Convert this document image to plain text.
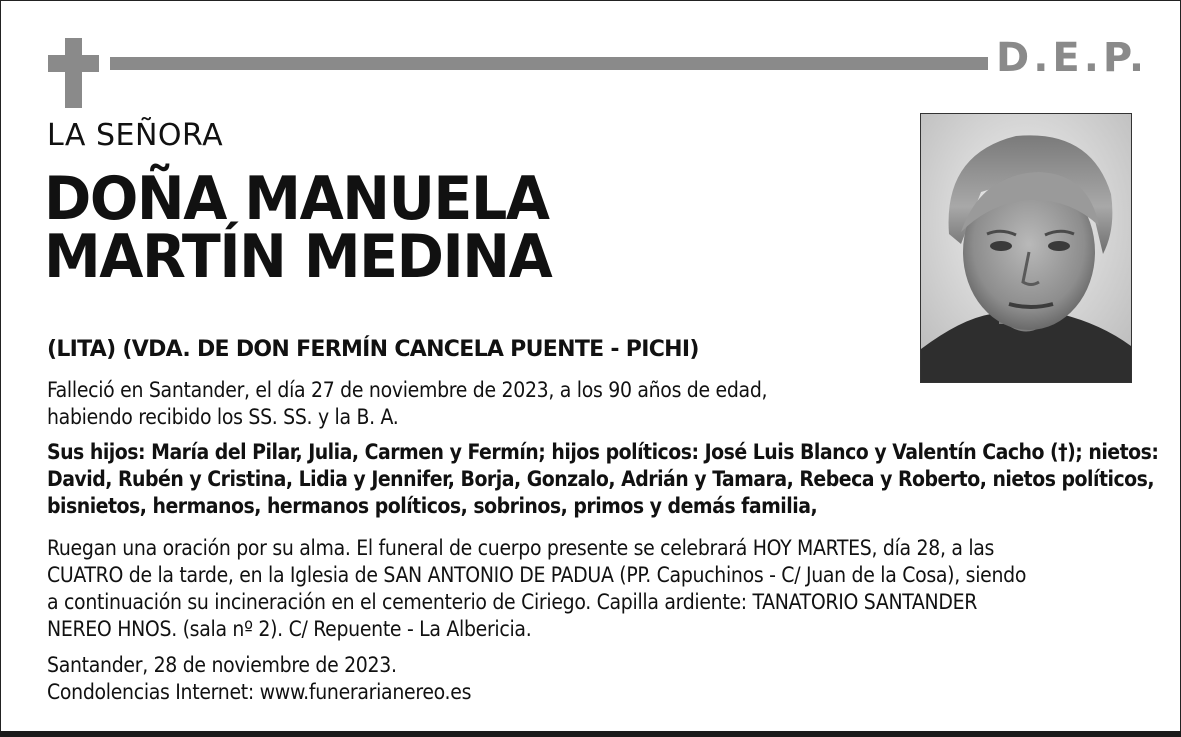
D.E.P.
LA SEÑORA
DOÑA MANUELA
MARTÍN MEDINA
(LITA) (VDA. DE DON FERMÍN CANCELA PUENTE - PICHI)
Falleció en Santander, el día 27 de noviembre de 2023, a los 90 años de edad,
habiendo recibido los SS. SS. y la B. A.
Sus hijos: María del Pilar, Julia, Carmen y Fermín; hijos políticos: José Luis Blanco y Valentín Cacho (†); nietos:
David, Rubén y Cristina, Lidia y Jennifer, Borja, Gonzalo, Adrián y Tamara, Rebeca y Roberto, nietos políticos,
bisnietos, hermanos, hermanos políticos, sobrinos, primos y demás familia,
Ruegan una oración por su alma. El funeral de cuerpo presente se celebrará HOY MARTES, día 28, a las
CUATRO de la tarde, en la Iglesia de SAN ANTONIO DE PADUA (PP. Capuchinos - C/ Juan de la Cosa), siendo
a continuación su incineración en el cementerio de Ciriego. Capilla ardiente: TANATORIO SANTANDER
NEREO HNOS. (sala nº 2). C/ Repuente - La Albericia.
Santander, 28 de noviembre de 2023.
Condolencias Internet: www.funerarianereo.es
